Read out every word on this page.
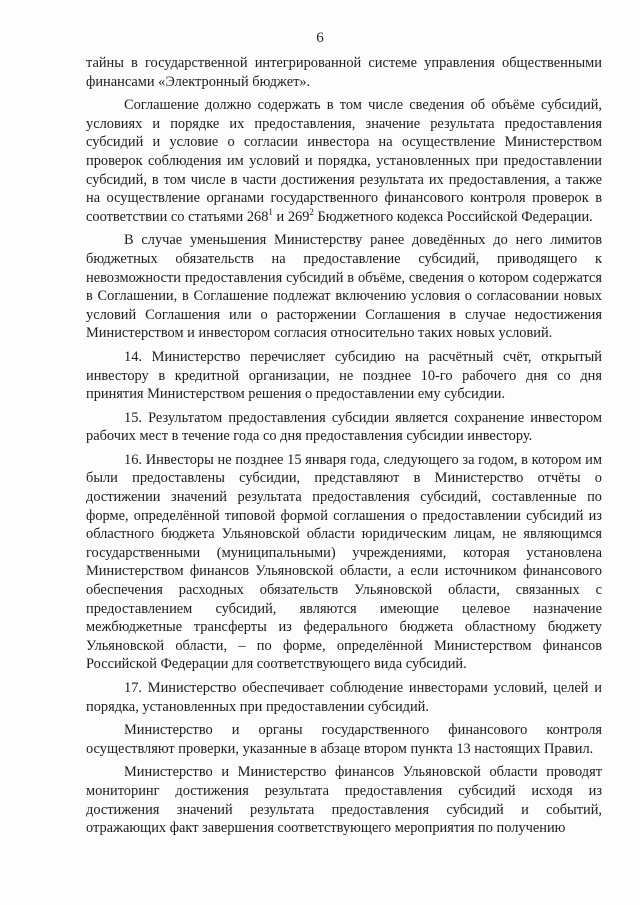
6

тайны в государственной интегрированной системе управления общественными финансами «Электронный бюджет».

Соглашение должно содержать в том числе сведения об объёме субсидий, условиях и порядке их предоставления, значение результата предоставления субсидий и условие о согласии инвестора на осуществление Министерством проверок соблюдения им условий и порядка, установленных при предоставлении субсидий, в том числе в части достижения результата их предоставления, а также на осуществление органами государственного финансового контроля проверок в соответствии со статьями $268^1$ и $269^2$ Бюджетного кодекса Российской Федерации.

В случае уменьшения Министерству ранее доведённых до него лимитов бюджетных обязательств на предоставление субсидий, приводящего к невозможности предоставления субсидий в объёме, сведения о котором содержатся в Соглашении, в Соглашение подлежат включению условия о согласовании новых условий Соглашения или о расторжении Соглашения в случае недостижения Министерством и инвестором согласия относительно таких новых условий.

14. Министерство перечисляет субсидию на расчётный счёт, открытый инвестору в кредитной организации, не позднее 10-го рабочего дня со дня принятия Министерством решения о предоставлении ему субсидии.

15. Результатом предоставления субсидии является сохранение инвестором рабочих мест в течение года со дня предоставления субсидии инвестору.

16. Инвесторы не позднее 15 января года, следующего за годом, в котором им были предоставлены субсидии, представляют в Министерство отчёты о достижении значений результата предоставления субсидий, составленные по форме, определённой типовой формой соглашения о предоставлении субсидий из областного бюджета Ульяновской области юридическим лицам, не являющимся государственными (муниципальными) учреждениями, которая установлена Министерством финансов Ульяновской области, а если источником финансового обеспечения расходных обязательств Ульяновской области, связанных с предоставлением субсидий, являются имеющие целевое назначение межбюджетные трансферты из федерального бюджета областному бюджету Ульяновской области, – по форме, определённой Министерством финансов Российской Федерации для соответствующего вида субсидий.

17. Министерство обеспечивает соблюдение инвесторами условий, целей и порядка, установленных при предоставлении субсидий.

Министерство и органы государственного финансового контроля осуществляют проверки, указанные в абзаце втором пункта 13 настоящих Правил.

Министерство и Министерство финансов Ульяновской области проводят мониторинг достижения результата предоставления субсидий исходя из достижения значений результата предоставления субсидий и событий, отражающих факт завершения соответствующего мероприятия по получению
